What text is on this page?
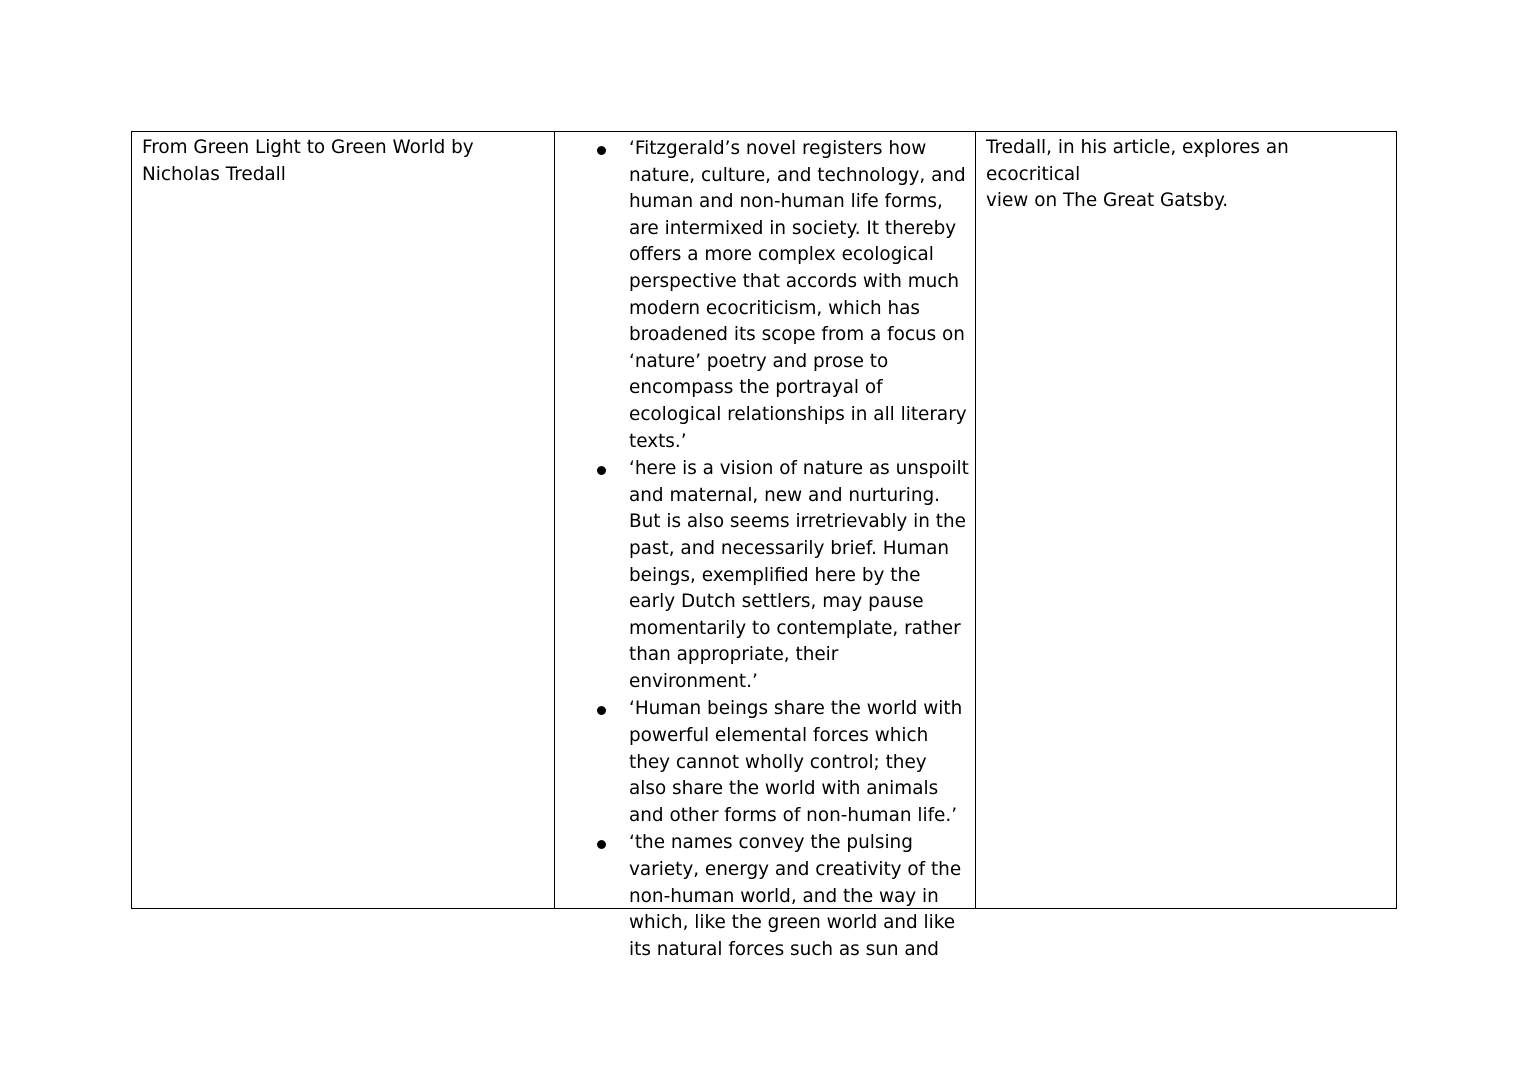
From Green Light to Green World by
Nicholas Tredall

‘Fitzgerald’s novel registers how nature, culture, and technology, and human and non-human life forms, are intermixed in society. It thereby offers a more complex ecological perspective that accords with much modern ecocriticism, which has broadened its scope from a focus on ‘nature’ poetry and prose to encompass the portrayal of ecological relationships in all literary texts.’
‘here is a vision of nature as unspoilt and maternal, new and nurturing. But is also seems irretrievably in the past, and necessarily brief. Human beings, exemplified here by the early Dutch settlers, may pause momentarily to contemplate, rather than appropriate, their environment.’
‘Human beings share the world with powerful elemental forces which they cannot wholly control; they also share the world with animals and other forms of non-human life.’
‘the names convey the pulsing variety, energy and creativity of the non-human world, and the way in which, like the green world and like its natural forces such as sun and

Tredall, in his article, explores an ecocritical
view on The Great Gatsby.
